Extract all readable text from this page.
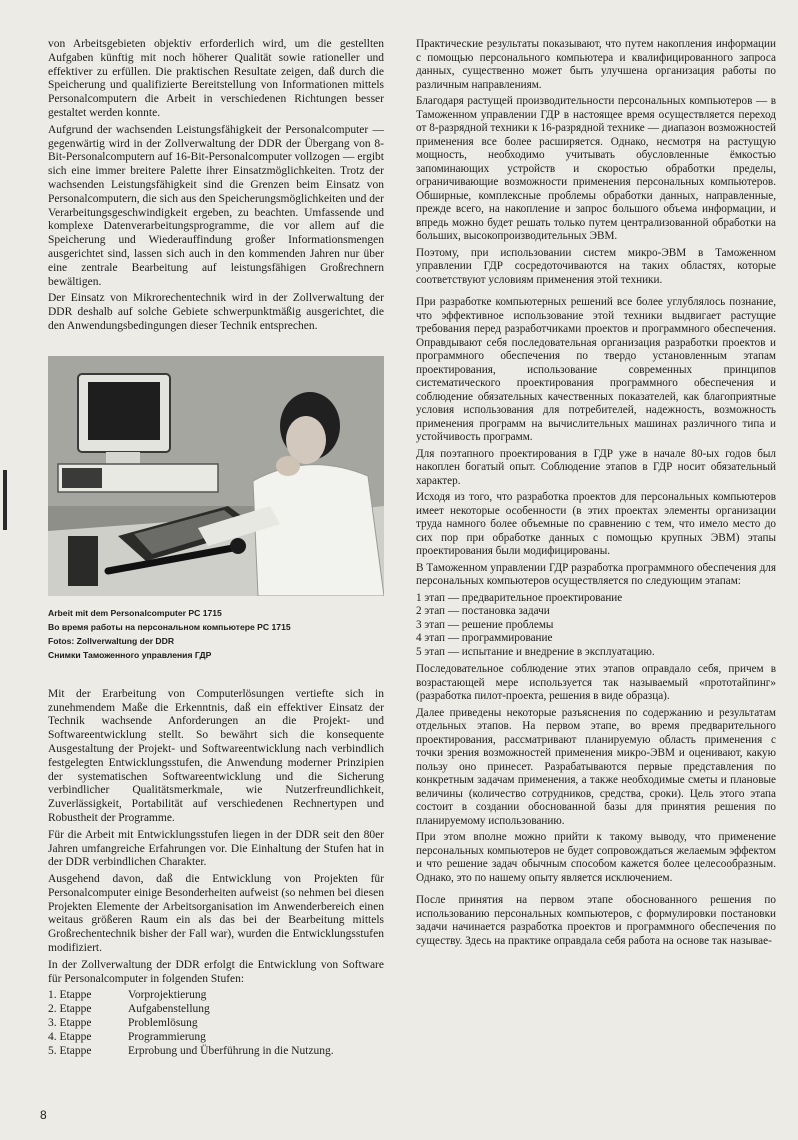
von Arbeitsgebieten objektiv erforderlich wird, um die gestellten Aufgaben künftig mit noch höherer Qualität sowie rationeller und effektiver zu erfüllen. Die praktischen Resultate zeigen, daß durch die Speicherung und qualifizierte Bereitstellung von Informationen mittels Personalcomputern die Arbeit in verschiedenen Richtungen besser gestaltet werden konnte.

Aufgrund der wachsenden Leistungsfähigkeit der Personalcomputer — gegenwärtig wird in der Zollverwaltung der DDR der Übergang von 8-Bit-Personalcomputern auf 16-Bit-Personalcomputer vollzogen — ergibt sich eine immer breitere Palette ihrer Einsatzmöglichkeiten. Trotz der wachsenden Leistungsfähigkeit sind die Grenzen beim Einsatz von Personalcomputern, die sich aus den Speicherungsmöglichkeiten und der Verarbeitungsgeschwindigkeit ergeben, zu beachten. Umfassende und komplexe Datenverarbeitungsprogramme, die vor allem auf die Speicherung und Wiederauffindung großer Informationsmengen ausgerichtet sind, lassen sich auch in den kommenden Jahren nur über eine zentrale Bearbeitung auf leistungsfähigen Großrechnern bewältigen.

Der Einsatz von Mikrorechentechnik wird in der Zollverwaltung der DDR deshalb auf solche Gebiete schwerpunktmäßig ausgerichtet, die den Anwendungsbedingungen dieser Technik entsprechen.

Arbeit mit dem Personalcomputer PC 1715

Во время работы на персональном компьютере PC 1715

Fotos: Zollverwaltung der DDR

Снимки Таможенного управления ГДР

Mit der Erarbeitung von Computerlösungen vertiefte sich in zunehmendem Maße die Erkenntnis, daß ein effektiver Einsatz der Technik wachsende Anforderungen an die Projekt- und Softwareentwicklung stellt. So bewährt sich die konsequente Ausgestaltung der Projekt- und Softwareentwicklung nach verbindlich festgelegten Entwicklungsstufen, die Anwendung moderner Prinzipien der systematischen Softwareentwicklung und die Sicherung verbindlicher Qualitätsmerkmale, wie Nutzerfreundlichkeit, Zuverlässigkeit, Portabilität auf verschiedenen Rechnertypen und Robustheit der Programme.

Für die Arbeit mit Entwicklungsstufen liegen in der DDR seit den 80er Jahren umfangreiche Erfahrungen vor. Die Einhaltung der Stufen hat in der DDR verbindlichen Charakter.

Ausgehend davon, daß die Entwicklung von Projekten für Personalcomputer einige Besonderheiten aufweist (so nehmen bei diesen Projekten Elemente der Arbeitsorganisation im Anwenderbereich einen weitaus größeren Raum ein als das bei der Bearbeitung mittels Großrechentechnik bisher der Fall war), wurden die Entwicklungsstufen modifiziert.

In der Zollverwaltung der DDR erfolgt die Entwicklung von Software für Personalcomputer in folgenden Stufen:

1. Etappe	Vorprojektierung
2. Etappe	Aufgabenstellung
3. Etappe	Problemlösung
4. Etappe	Programmierung
5. Etappe	Erprobung und Überführung in die Nutzung.

Практические результаты показывают, что путем накопления информации с помощью персонального компьютера и квалифицированного запроса данных, существенно может быть улучшена организация работы по различным направлениям.

Благодаря растущей производительности персональных компьютеров — в Таможенном управлении ГДР в настоящее время осуществляется переход от 8-разрядной техники к 16-разрядной технике — диапазон возможностей применения все более расширяется. Однако, несмотря на растущую мощность, необходимо учитывать обусловленные ёмкостью запоминающих устройств и скоростью обработки пределы, ограничивающие возможности применения персональных компьютеров. Обширные, комплексные проблемы обработки данных, направленные, прежде всего, на накопление и запрос большого объема информации, и впредь можно будет решать только путем централизованной обработки на больших, высокопроизводительных ЭВМ.

Поэтому, при использовании систем микро-ЭВМ в Таможенном управлении ГДР сосредоточиваются на таких областях, которые соответствуют условиям применения этой техники.

При разработке компьютерных решений все более углублялось познание, что эффективное использование этой техники выдвигает растущие требования перед разработчиками проектов и программного обеспечения. Оправдывают себя последовательная организация разработки проектов и программного обеспечения по твердо установленным этапам проектирования, использование современных принципов систематического проектирования программного обеспечения и соблюдение обязательных качественных показателей, как благоприятные условия использования для потребителей, надежность, возможность применения программ на вычислительных машинах различного типа и устойчивость программ.

Для поэтапного проектирования в ГДР уже в начале 80-ых годов был накоплен богатый опыт. Соблюдение этапов в ГДР носит обязательный характер.

Исходя из того, что разработка проектов для персональных компьютеров имеет некоторые особенности (в этих проектах элементы организации труда намного более объемные по сравнению с тем, что имело место до сих пор при обработке данных с помощью крупных ЭВМ) этапы проектирования были модифицированы.

В Таможенном управлении ГДР разработка программного обеспечения для персональных компьютеров осуществляется по следующим этапам:

1 этап — предварительное проектирование
2 этап — постановка задачи
3 этап — решение проблемы
4 этап — программирование
5 этап — испытание и внедрение в эксплуатацию.

Последовательное соблюдение этих этапов оправдало себя, причем в возрастающей мере используется так называемый «прототайпинг» (разработка пилот-проекта, решения в виде образца).

Далее приведены некоторые разъяснения по содержанию и результатам отдельных этапов. На первом этапе, во время предварительного проектирования, рассматривают планируемую область применения с точки зрения возможностей применения микро-ЭВМ и оценивают, какую пользу оно принесет. Разрабатываются первые представления по конкретным задачам применения, а также необходимые сметы и плановые величины (количество сотрудников, средства, сроки). Цель этого этапа состоит в создании обоснованной базы для принятия решения по планируемому использованию.

При этом вполне можно прийти к такому выводу, что применение персональных компьютеров не будет сопровождаться желаемым эффектом и что решение задач обычным способом кажется более целесообразным. Однако, это по нашему опыту является исключением.

После принятия на первом этапе обоснованного решения по использованию персональных компьютеров, с формулировки постановки задачи начинается разработка проектов и программного обеспечения по существу. Здесь на практике оправдала себя работа на основе так называе-

8
